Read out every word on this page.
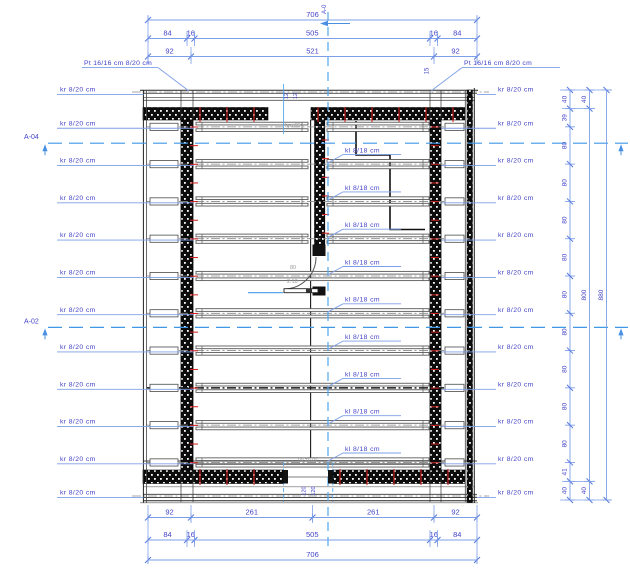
A-04
A-02
A-0
706
84 16	505	16 84
92	521	92
92	261	261	92
84 16	505	16 84
706
40
39
80
80
80
80
80
80
80
80
80
41
40
40
800
40
880
kr 8/20 cm	kr 8/20 cm
kr 8/20 cm	kr 8/20 cm
kr 8/20 cm	kr 8/20 cm
kr 8/20 cm	kr 8/20 cm
kr 8/20 cm	kr 8/20 cm
kr 8/20 cm	kr 8/20 cm
kr 8/20 cm	kr 8/20 cm
kr 8/20 cm	kr 8/20 cm
kr 8/20 cm	kr 8/20 cm
kr 8/20 cm	kr 8/20 cm
kr 8/20 cm	kr 8/20 cm
kr 8/20 cm	kr 8/20 cm
kl 8/18 cm
kl 8/18 cm
kl 8/18 cm
kl 8/18 cm
kl 8/18 cm
kl 8/18 cm
kl 8/18 cm
kl 8/18 cm
kl 8/18 cm
Pt 16/16 cm 8/20 cm	Pt 16/16 cm 8/20 cm
80
2.10
12 12
120 120
hp+65
hp ±0.00
15
